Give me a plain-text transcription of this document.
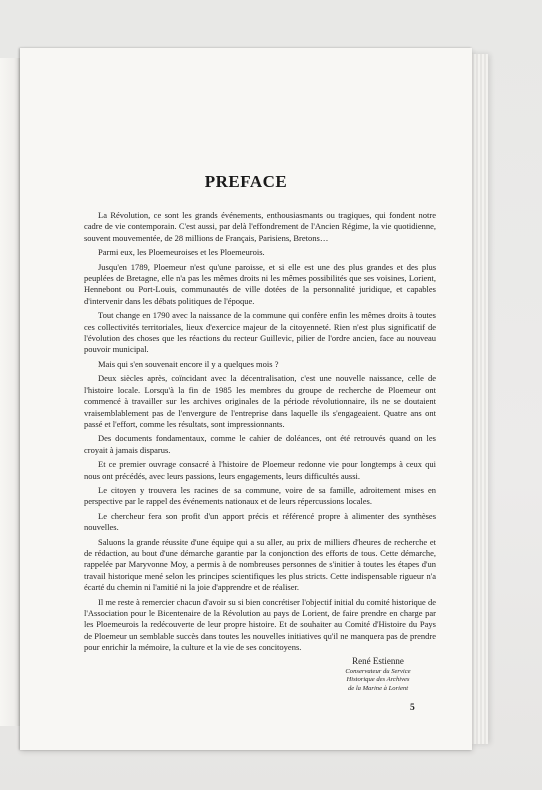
PREFACE

La Révolution, ce sont les grands événements, enthousiasmants ou tragiques, qui fondent notre cadre de vie contemporain. C'est aussi, par delà l'effondrement de l'Ancien Régime, la vie quotidienne, souvent mouvementée, de 28 millions de Français, Parisiens, Bretons…

Parmi eux, les Ploemeuroises et les Ploemeurois.

Jusqu'en 1789, Ploemeur n'est qu'une paroisse, et si elle est une des plus grandes et des plus peuplées de Bretagne, elle n'a pas les mêmes droits ni les mêmes possibilités que ses voisines, Lorient, Hennebont ou Port-Louis, communautés de ville dotées de la personnalité juridique, et capables d'intervenir dans les débats politiques de l'époque.

Tout change en 1790 avec la naissance de la commune qui confère enfin les mêmes droits à toutes ces collectivités territoriales, lieux d'exercice majeur de la citoyenneté. Rien n'est plus significatif de l'évolution des choses que les réactions du recteur Guillevic, pilier de l'ordre ancien, face au nouveau pouvoir municipal.

Mais qui s'en souvenait encore il y a quelques mois ?

Deux siècles après, coïncidant avec la décentralisation, c'est une nouvelle naissance, celle de l'histoire locale. Lorsqu'à la fin de 1985 les membres du groupe de recherche de Ploemeur ont commencé à travailler sur les archives originales de la période révolutionnaire, ils ne se doutaient vraisemblablement pas de l'envergure de l'entreprise dans laquelle ils s'engageaient. Quatre ans ont passé et l'effort, comme les résultats, sont impressionnants.

Des documents fondamentaux, comme le cahier de doléances, ont été retrouvés quand on les croyait à jamais disparus.

Et ce premier ouvrage consacré à l'histoire de Ploemeur redonne vie pour longtemps à ceux qui nous ont précédés, avec leurs passions, leurs engagements, leurs difficultés aussi.

Le citoyen y trouvera les racines de sa commune, voire de sa famille, adroitement mises en perspective par le rappel des événements nationaux et de leurs répercussions locales.

Le chercheur fera son profit d'un apport précis et référencé propre à alimenter des synthèses nouvelles.

Saluons la grande réussite d'une équipe qui a su aller, au prix de milliers d'heures de recherche et de rédaction, au bout d'une démarche garantie par la conjonction des efforts de tous. Cette démarche, rappelée par Maryvonne Moy, a permis à de nombreuses personnes de s'initier à toutes les étapes d'un travail historique mené selon les principes scientifiques les plus stricts. Cette indispensable rigueur n'a écarté du chemin ni l'amitié ni la joie d'apprendre et de réaliser.

Il me reste à remercier chacun d'avoir su si bien concrétiser l'objectif initial du comité historique de l'Association pour le Bicentenaire de la Révolution au pays de Lorient, de faire prendre en charge par les Ploemeurois la redécouverte de leur propre histoire. Et de souhaiter au Comité d'Histoire du Pays de Ploemeur un semblable succès dans toutes les nouvelles initiatives qu'il ne manquera pas de prendre pour enrichir la mémoire, la culture et la vie de ses concitoyens.

René Estienne
Conservateur du Service
Historique des Archives
de la Marine à Lorient
5
